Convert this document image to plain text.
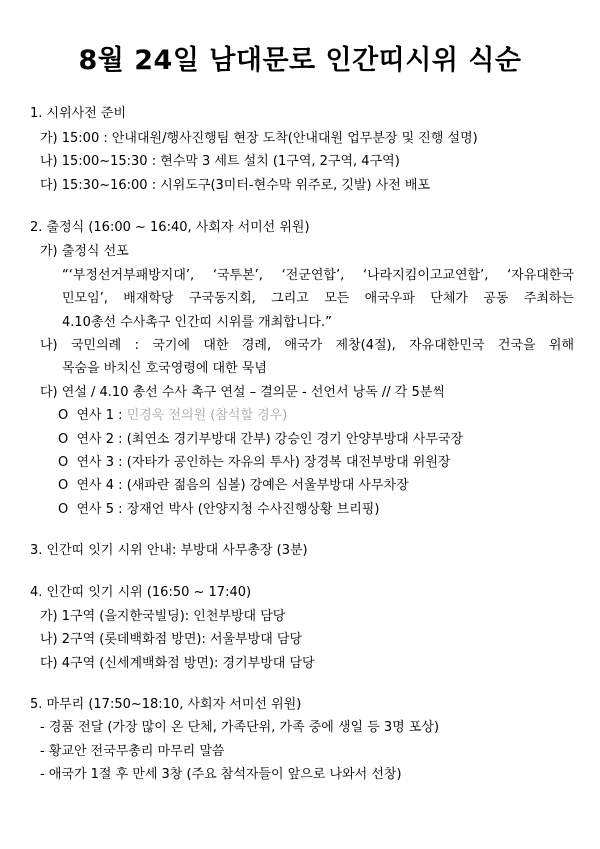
8월 24일 남대문로 인간띠시위 식순
1. 시위사전 준비
가) 15:00 : 안내대원/행사진행팀 현장 도착(안내대원 업무분장 및 진행 설명)
나) 15:00~15:30 : 현수막 3 세트 설치 (1구역, 2구역, 4구역)
다) 15:30~16:00 : 시위도구(3미터-현수막 위주로, 깃발) 사전 배포
2. 출정식 (16:00 ~ 16:40, 사회자 서미선 위원)
가) 출정식 선포
“‘부정선거부패방지대’, ‘국투본’, ‘전군연합’, ‘나라지킴이고교연합’, ‘자유대한국
민모임’, 배재학당 구국동지회, 그리고 모든 애국우파 단체가 공동 주최하는
4.10총선 수사촉구 인간띠 시위를 개최합니다.”
나) 국민의례 : 국기에 대한 경례, 애국가 제창(4절), 자유대한민국 건국을 위해
목숨을 바치신 호국영령에 대한 묵념
다) 연설 / 4.10 총선 수사 촉구 연설 – 결의문 - 선언서 낭독 // 각 5분씩
O 연사 1 : 민경욱 전의원 (참석할 경우)
O 연사 2 : (최연소 경기부방대 간부) 강승인 경기 안양부방대 사무국장
O 연사 3 : (자타가 공인하는 자유의 투사) 장경복 대전부방대 위원장
O 연사 4 : (새파란 젊음의 심볼) 강예은 서울부방대 사무차장
O 연사 5 : 장재언 박사 (안양지청 수사진행상황 브리핑)
3. 인간띠 잇기 시위 안내: 부방대 사무총장 (3분)
4. 인간띠 잇기 시위 (16:50 ~ 17:40)
가) 1구역 (을지한국빌딩): 인천부방대 담당
나) 2구역 (롯데백화점 방면): 서울부방대 담당
다) 4구역 (신세계백화점 방면): 경기부방대 담당
5. 마무리 (17:50~18:10, 사회자 서미선 위원)
- 경품 전달 (가장 많이 온 단체, 가족단위, 가족 중에 생일 등 3명 포상)
- 황교안 전국무총리 마무리 말씀
- 애국가 1절 후 만세 3창 (주요 참석자들이 앞으로 나와서 선창)
